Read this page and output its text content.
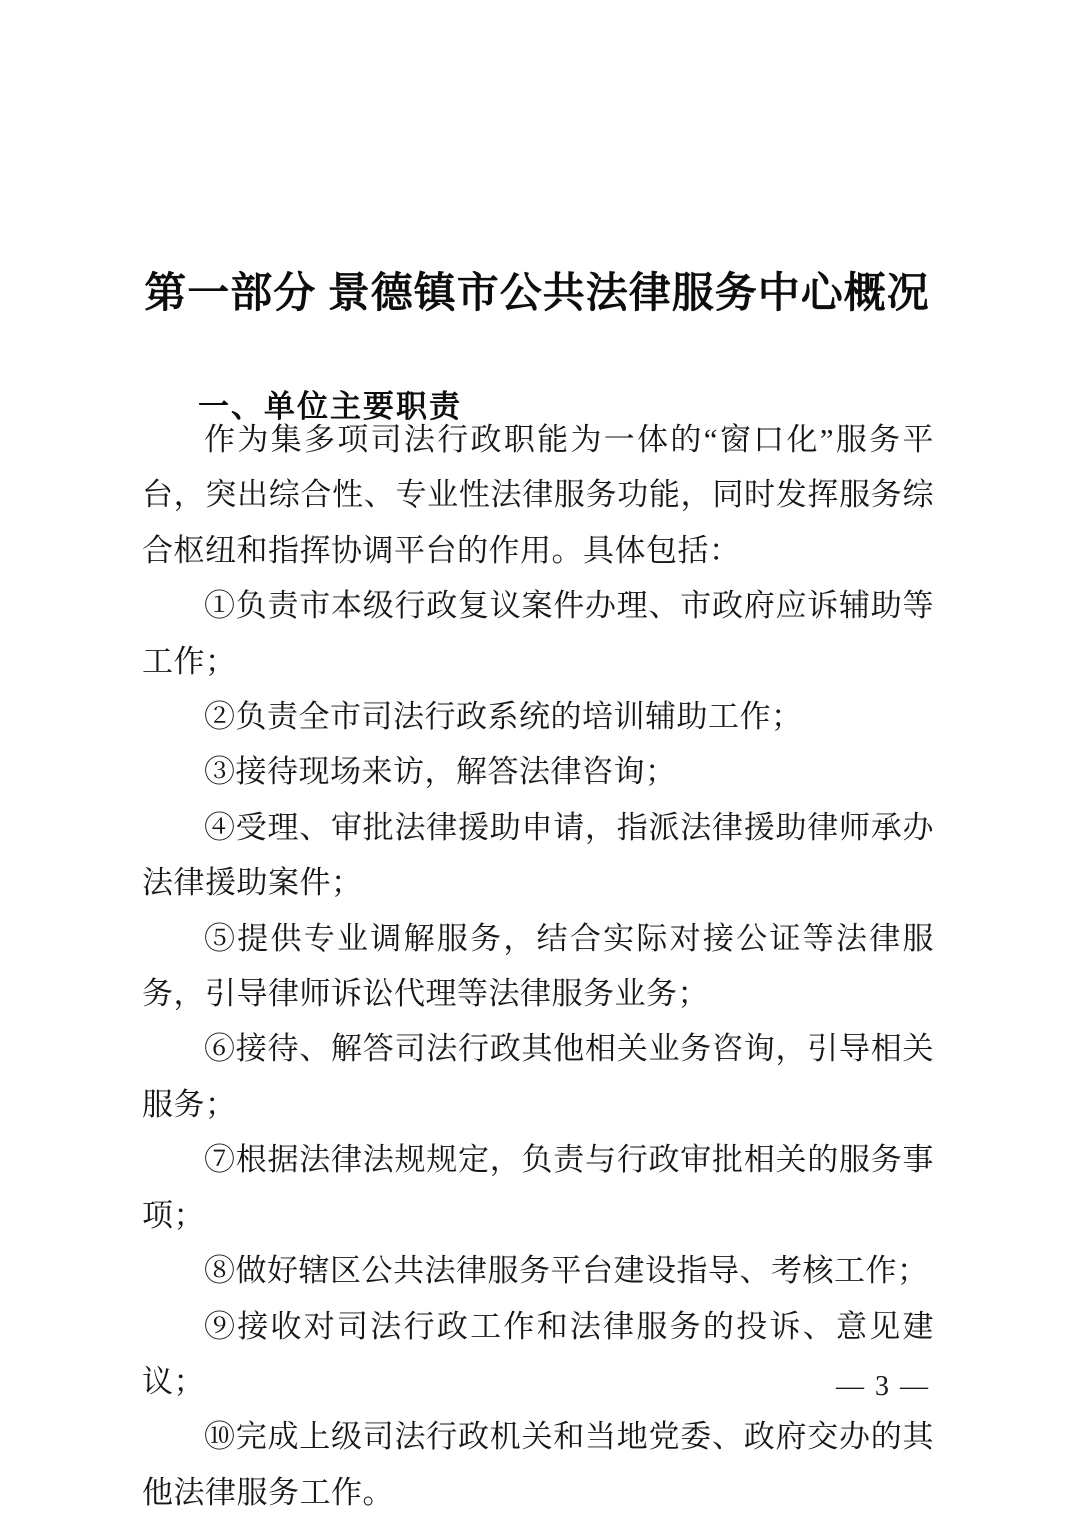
第一部分 景德镇市公共法律服务中心概况
一、单位主要职责

作为集多项司法行政职能为一体的“窗口化”服务平台，突出综合性、专业性法律服务功能，同时发挥服务综合枢纽和指挥协调平台的作用。具体包括：

①负责市本级行政复议案件办理、市政府应诉辅助等工作；

②负责全市司法行政系统的培训辅助工作；

③接待现场来访，解答法律咨询；

④受理、审批法律援助申请，指派法律援助律师承办法律援助案件；

⑤提供专业调解服务，结合实际对接公证等法律服务，引导律师诉讼代理等法律服务业务；

⑥接待、解答司法行政其他相关业务咨询，引导相关服务；

⑦根据法律法规规定，负责与行政审批相关的服务事项；

⑧做好辖区公共法律服务平台建设指导、考核工作；

⑨接收对司法行政工作和法律服务的投诉、意见建议；

⑩完成上级司法行政机关和当地党委、政府交办的其他法律服务工作。

— 3 —
